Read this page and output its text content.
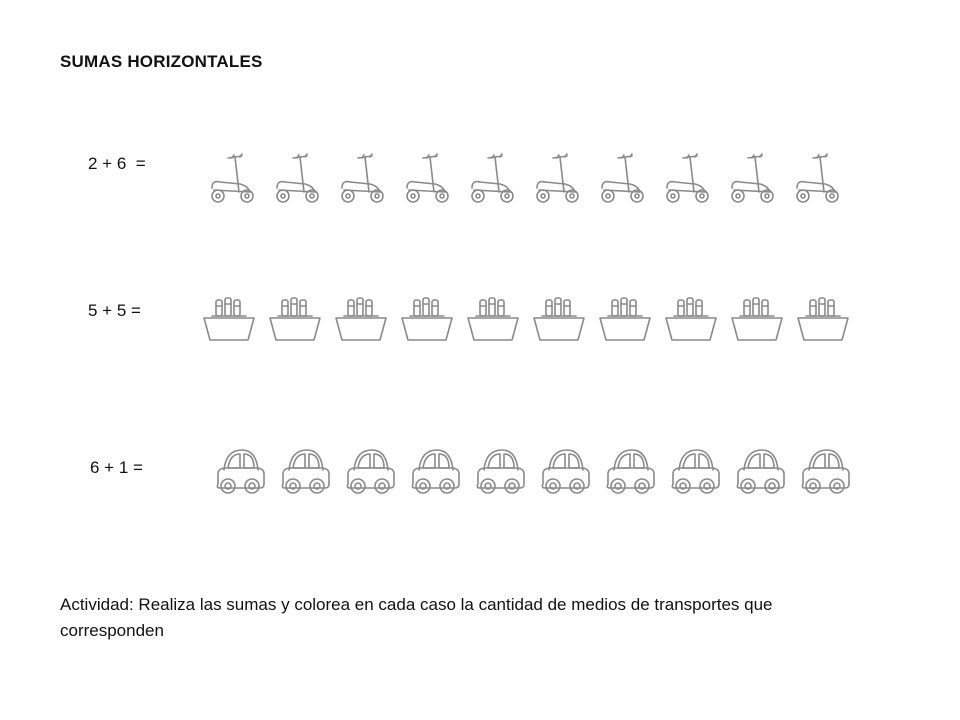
SUMAS HORIZONTALES
2 + 6  =
5 + 5 =
6 + 1 =
Actividad: Realiza las sumas y colorea en cada caso la cantidad de medios de transportes que corresponden
